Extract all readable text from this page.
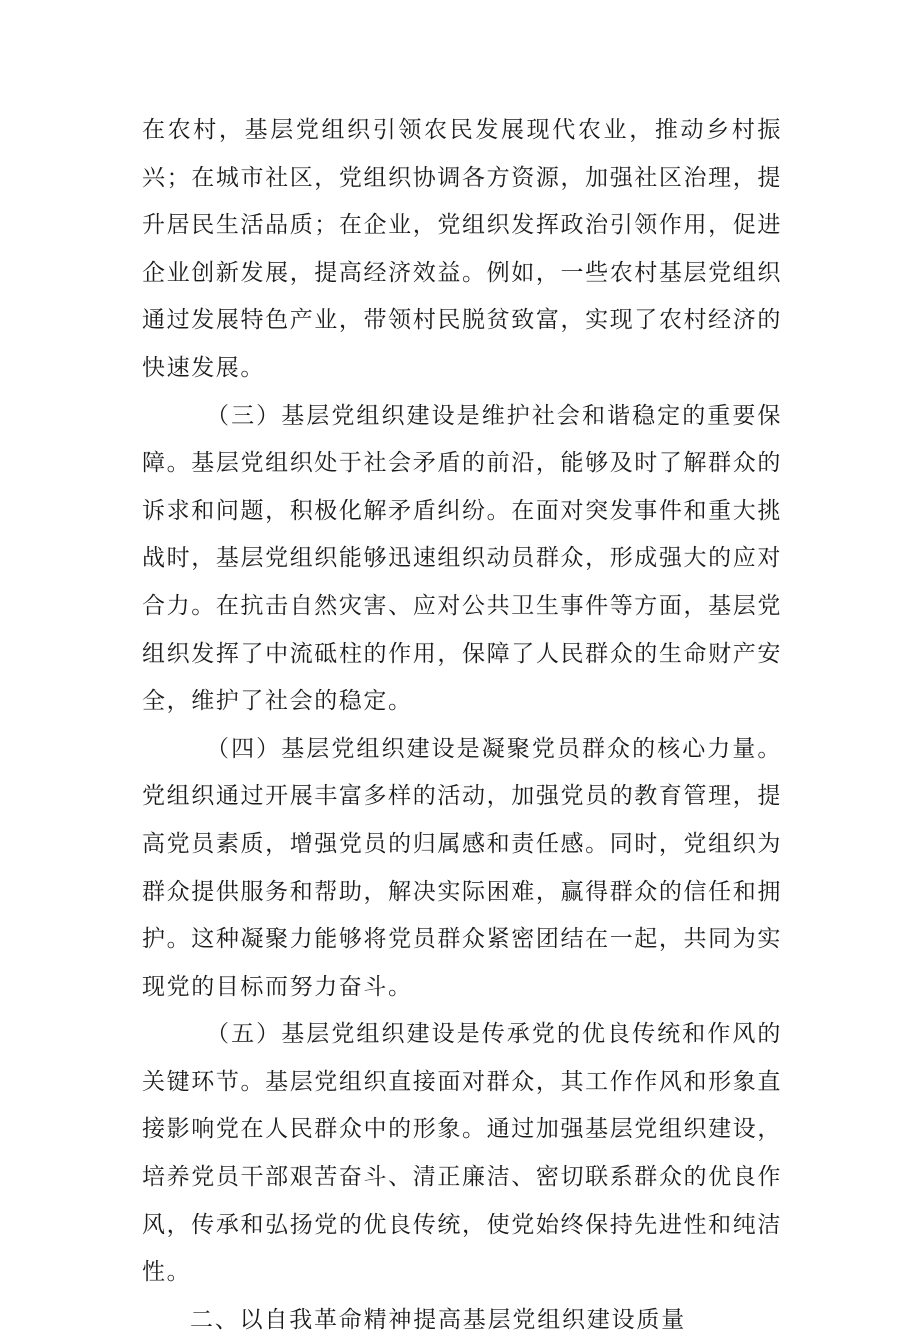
在农村，基层党组织引领农民发展现代农业，推动乡村振兴；在城市社区，党组织协调各方资源，加强社区治理，提升居民生活品质；在企业，党组织发挥政治引领作用，促进企业创新发展，提高经济效益。例如，一些农村基层党组织通过发展特色产业，带领村民脱贫致富，实现了农村经济的快速发展。

（三）基层党组织建设是维护社会和谐稳定的重要保障。基层党组织处于社会矛盾的前沿，能够及时了解群众的诉求和问题，积极化解矛盾纠纷。在面对突发事件和重大挑战时，基层党组织能够迅速组织动员群众，形成强大的应对合力。在抗击自然灾害、应对公共卫生事件等方面，基层党组织发挥了中流砥柱的作用，保障了人民群众的生命财产安全，维护了社会的稳定。

（四）基层党组织建设是凝聚党员群众的核心力量。党组织通过开展丰富多样的活动，加强党员的教育管理，提高党员素质，增强党员的归属感和责任感。同时，党组织为群众提供服务和帮助，解决实际困难，赢得群众的信任和拥护。这种凝聚力能够将党员群众紧密团结在一起，共同为实现党的目标而努力奋斗。

（五）基层党组织建设是传承党的优良传统和作风的关键环节。基层党组织直接面对群众，其工作作风和形象直接影响党在人民群众中的形象。通过加强基层党组织建设，培养党员干部艰苦奋斗、清正廉洁、密切联系群众的优良作风，传承和弘扬党的优良传统，使党始终保持先进性和纯洁性。

二、以自我革命精神提高基层党组织建设质量
